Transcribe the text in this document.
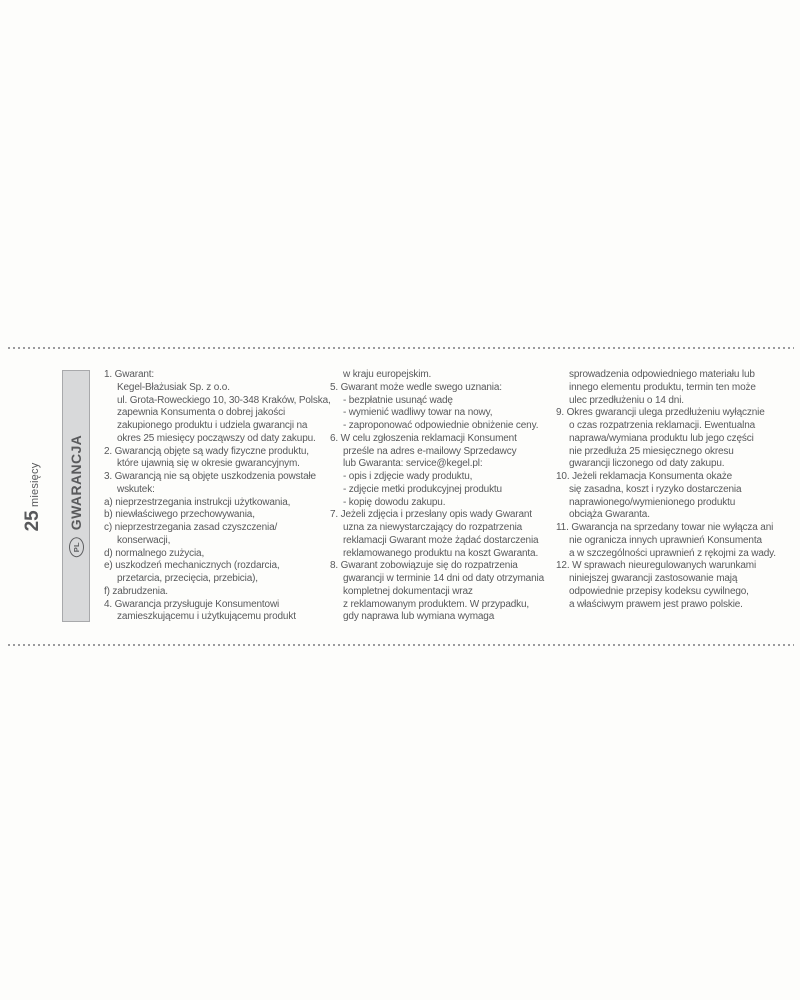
25 miesięcy
PL
GWARANCJA
1. Gwarant:
Kegel-Błażusiak Sp. z o.o.
ul. Grota-Roweckiego 10, 30-348 Kraków, Polska,
zapewnia Konsumenta o dobrej jakości
zakupionego produktu i udziela gwarancji na
okres 25 miesięcy począwszy od daty zakupu.
2. Gwarancją objęte są wady fizyczne produktu,
które ujawnią się w okresie gwarancyjnym.
3. Gwarancją nie są objęte uszkodzenia powstałe
wskutek:
a) nieprzestrzegania instrukcji użytkowania,
b) niewłaściwego przechowywania,
c) nieprzestrzegania zasad czyszczenia/
konserwacji,
d) normalnego zużycia,
e) uszkodzeń mechanicznych (rozdarcia,
przetarcia, przecięcia, przebicia),
f) zabrudzenia.
4. Gwarancja przysługuje Konsumentowi
zamieszkującemu i użytkującemu produkt
w kraju europejskim.
5. Gwarant może wedle swego uznania:
- bezpłatnie usunąć wadę
- wymienić wadliwy towar na nowy,
- zaproponować odpowiednie obniżenie ceny.
6. W celu zgłoszenia reklamacji Konsument
prześle na adres e-mailowy Sprzedawcy
lub Gwaranta: service@kegel.pl:
- opis i zdjęcie wady produktu,
- zdjęcie metki produkcyjnej produktu
- kopię dowodu zakupu.
7. Jeżeli zdjęcia i przesłany opis wady Gwarant
uzna za niewystarczający do rozpatrzenia
reklamacji Gwarant może żądać dostarczenia
reklamowanego produktu na koszt Gwaranta.
8. Gwarant zobowiązuje się do rozpatrzenia
gwarancji w terminie 14 dni od daty otrzymania
kompletnej dokumentacji wraz
z reklamowanym produktem. W przypadku,
gdy naprawa lub wymiana wymaga
sprowadzenia odpowiedniego materiału lub
innego elementu produktu, termin ten może
ulec przedłużeniu o 14 dni.
9. Okres gwarancji ulega przedłużeniu wyłącznie
o czas rozpatrzenia reklamacji. Ewentualna
naprawa/wymiana produktu lub jego części
nie przedłuża 25 miesięcznego okresu
gwarancji liczonego od daty zakupu.
10. Jeżeli reklamacja Konsumenta okaże
się zasadna, koszt i ryzyko dostarczenia
naprawionego/wymienionego produktu
obciąża Gwaranta.
11. Gwarancja na sprzedany towar nie wyłącza ani
nie ogranicza innych uprawnień Konsumenta
a w szczególności uprawnień z rękojmi za wady.
12. W sprawach nieuregulowanych warunkami
niniejszej gwarancji zastosowanie mają
odpowiednie przepisy kodeksu cywilnego,
a właściwym prawem jest prawo polskie.
